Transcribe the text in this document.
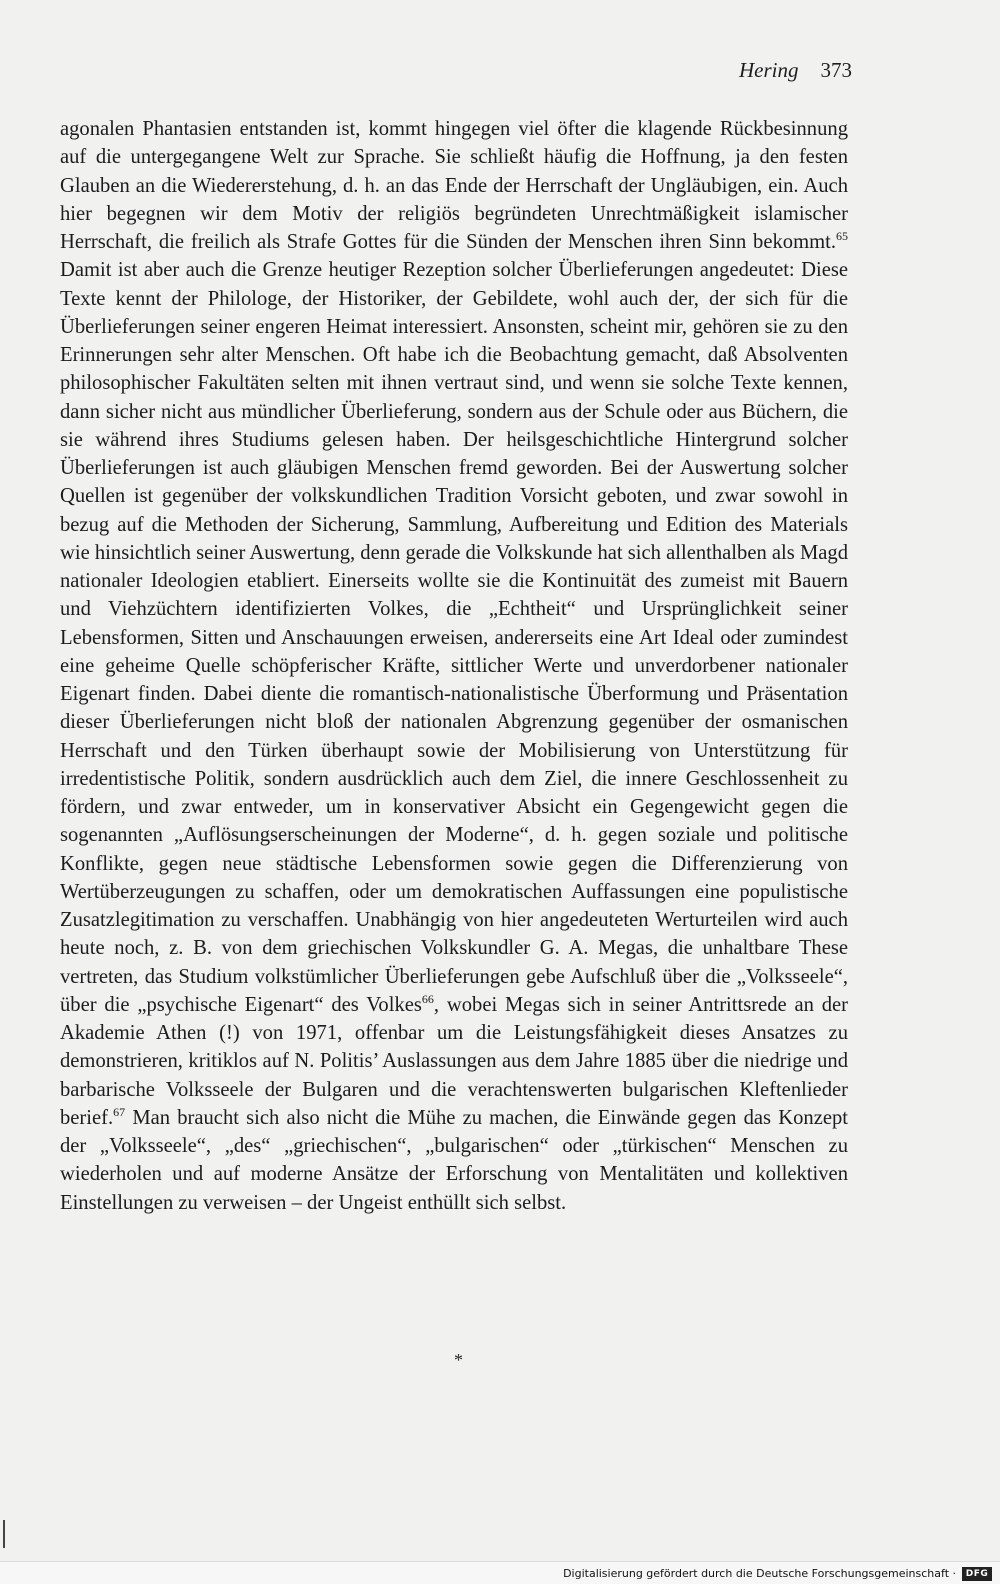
Hering 373

agonalen Phantasien entstanden ist, kommt hingegen viel öfter die klagende Rückbesinnung auf die untergegangene Welt zur Sprache. Sie schließt häufig die Hoffnung, ja den festen Glauben an die Wiedererstehung, d. h. an das Ende der Herrschaft der Ungläubigen, ein. Auch hier begegnen wir dem Motiv der religiös begründeten Unrechtmäßigkeit islamischer Herrschaft, die freilich als Strafe Gottes für die Sünden der Menschen ihren Sinn bekommt.$^{65}$ Damit ist aber auch die Grenze heutiger Rezeption solcher Überlieferungen angedeutet: Diese Texte kennt der Philologe, der Historiker, der Gebildete, wohl auch der, der sich für die Überlieferungen seiner engeren Heimat interessiert. Ansonsten, scheint mir, gehören sie zu den Erinnerungen sehr alter Menschen. Oft habe ich die Beobachtung gemacht, daß Absolventen philosophischer Fakultäten selten mit ihnen vertraut sind, und wenn sie solche Texte kennen, dann sicher nicht aus mündlicher Überlieferung, sondern aus der Schule oder aus Büchern, die sie während ihres Studiums gelesen haben. Der heilsgeschichtliche Hintergrund solcher Überlieferungen ist auch gläubigen Menschen fremd geworden. Bei der Auswertung solcher Quellen ist gegenüber der volkskundlichen Tradition Vorsicht geboten, und zwar sowohl in bezug auf die Methoden der Sicherung, Sammlung, Aufbereitung und Edition des Materials wie hinsichtlich seiner Auswertung, denn gerade die Volkskunde hat sich allenthalben als Magd nationaler Ideologien etabliert. Einerseits wollte sie die Kontinuität des zumeist mit Bauern und Viehzüchtern identifizierten Volkes, die „Echtheit“ und Ursprünglichkeit seiner Lebensformen, Sitten und Anschauungen erweisen, andererseits eine Art Ideal oder zumindest eine geheime Quelle schöpferischer Kräfte, sittlicher Werte und unverdorbener nationaler Eigenart finden. Dabei diente die romantisch-nationalistische Überformung und Präsentation dieser Überlieferungen nicht bloß der nationalen Abgrenzung gegenüber der osmanischen Herrschaft und den Türken überhaupt sowie der Mobilisierung von Unterstützung für irredentistische Politik, sondern ausdrücklich auch dem Ziel, die innere Geschlossenheit zu fördern, und zwar entweder, um in konservativer Absicht ein Gegengewicht gegen die sogenannten „Auflösungserscheinungen der Moderne“, d. h. gegen soziale und politische Konflikte, gegen neue städtische Lebensformen sowie gegen die Differenzierung von Wertüberzeugungen zu schaffen, oder um demokratischen Auffassungen eine populistische Zusatzlegitimation zu verschaffen. Unabhängig von hier angedeuteten Werturteilen wird auch heute noch, z. B. von dem griechischen Volkskundler G. A. Megas, die unhaltbare These vertreten, das Studium volkstümlicher Überlieferungen gebe Aufschluß über die „Volksseele“, über die „psychische Eigenart“ des Volkes$^{66}$, wobei Megas sich in seiner Antrittsrede an der Akademie Athen (!) von 1971, offenbar um die Leistungsfähigkeit dieses Ansatzes zu demonstrieren, kritiklos auf N. Politis’ Auslassungen aus dem Jahre 1885 über die niedrige und barbarische Volksseele der Bulgaren und die verachtenswerten bulgarischen Kleftenlieder berief.$^{67}$ Man braucht sich also nicht die Mühe zu machen, die Einwände gegen das Konzept der „Volksseele“, „des“ „griechischen“, „bulgarischen“ oder „türkischen“ Menschen zu wiederholen und auf moderne Ansätze der Erforschung von Mentalitäten und kollektiven Einstellungen zu verweisen – der Ungeist enthüllt sich selbst.

*
Digitalisierung gefördert durch die Deutsche Forschungsgemeinschaft ·	DFG
